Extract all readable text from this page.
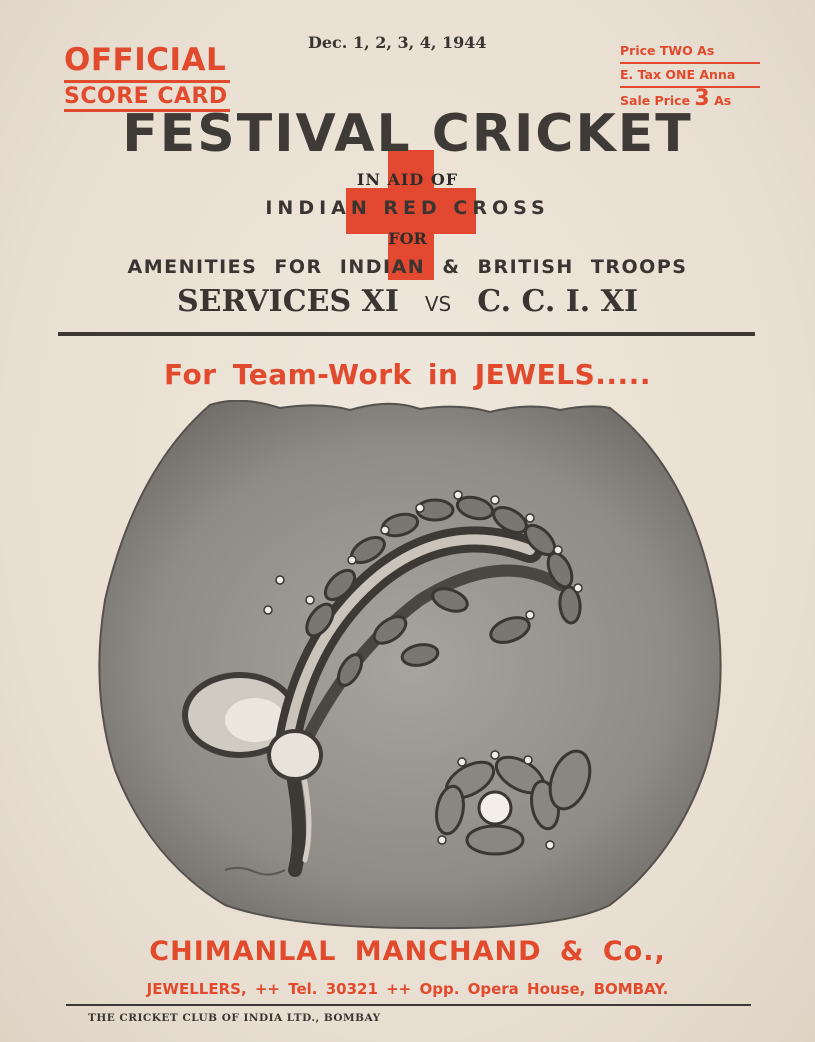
OFFICIAL
SCORE CARD
Dec. 1, 2, 3, 4, 1944	Price TWO As
E. Tax ONE Anna
Sale Price 3 As
FESTIVAL CRICKET
IN AID OF
INDIAN RED CROSS
FOR
AMENITIES FOR INDIAN & BRITISH TROOPS
SERVICES XI VS C. C. I. XI
For Team-Work in JEWELS.....
CHIMANLAL MANCHAND & Co.,
JEWELLERS, ++ Tel. 30321 ++ Opp. Opera House, BOMBAY.
THE CRICKET CLUB OF INDIA LTD., BOMBAY
